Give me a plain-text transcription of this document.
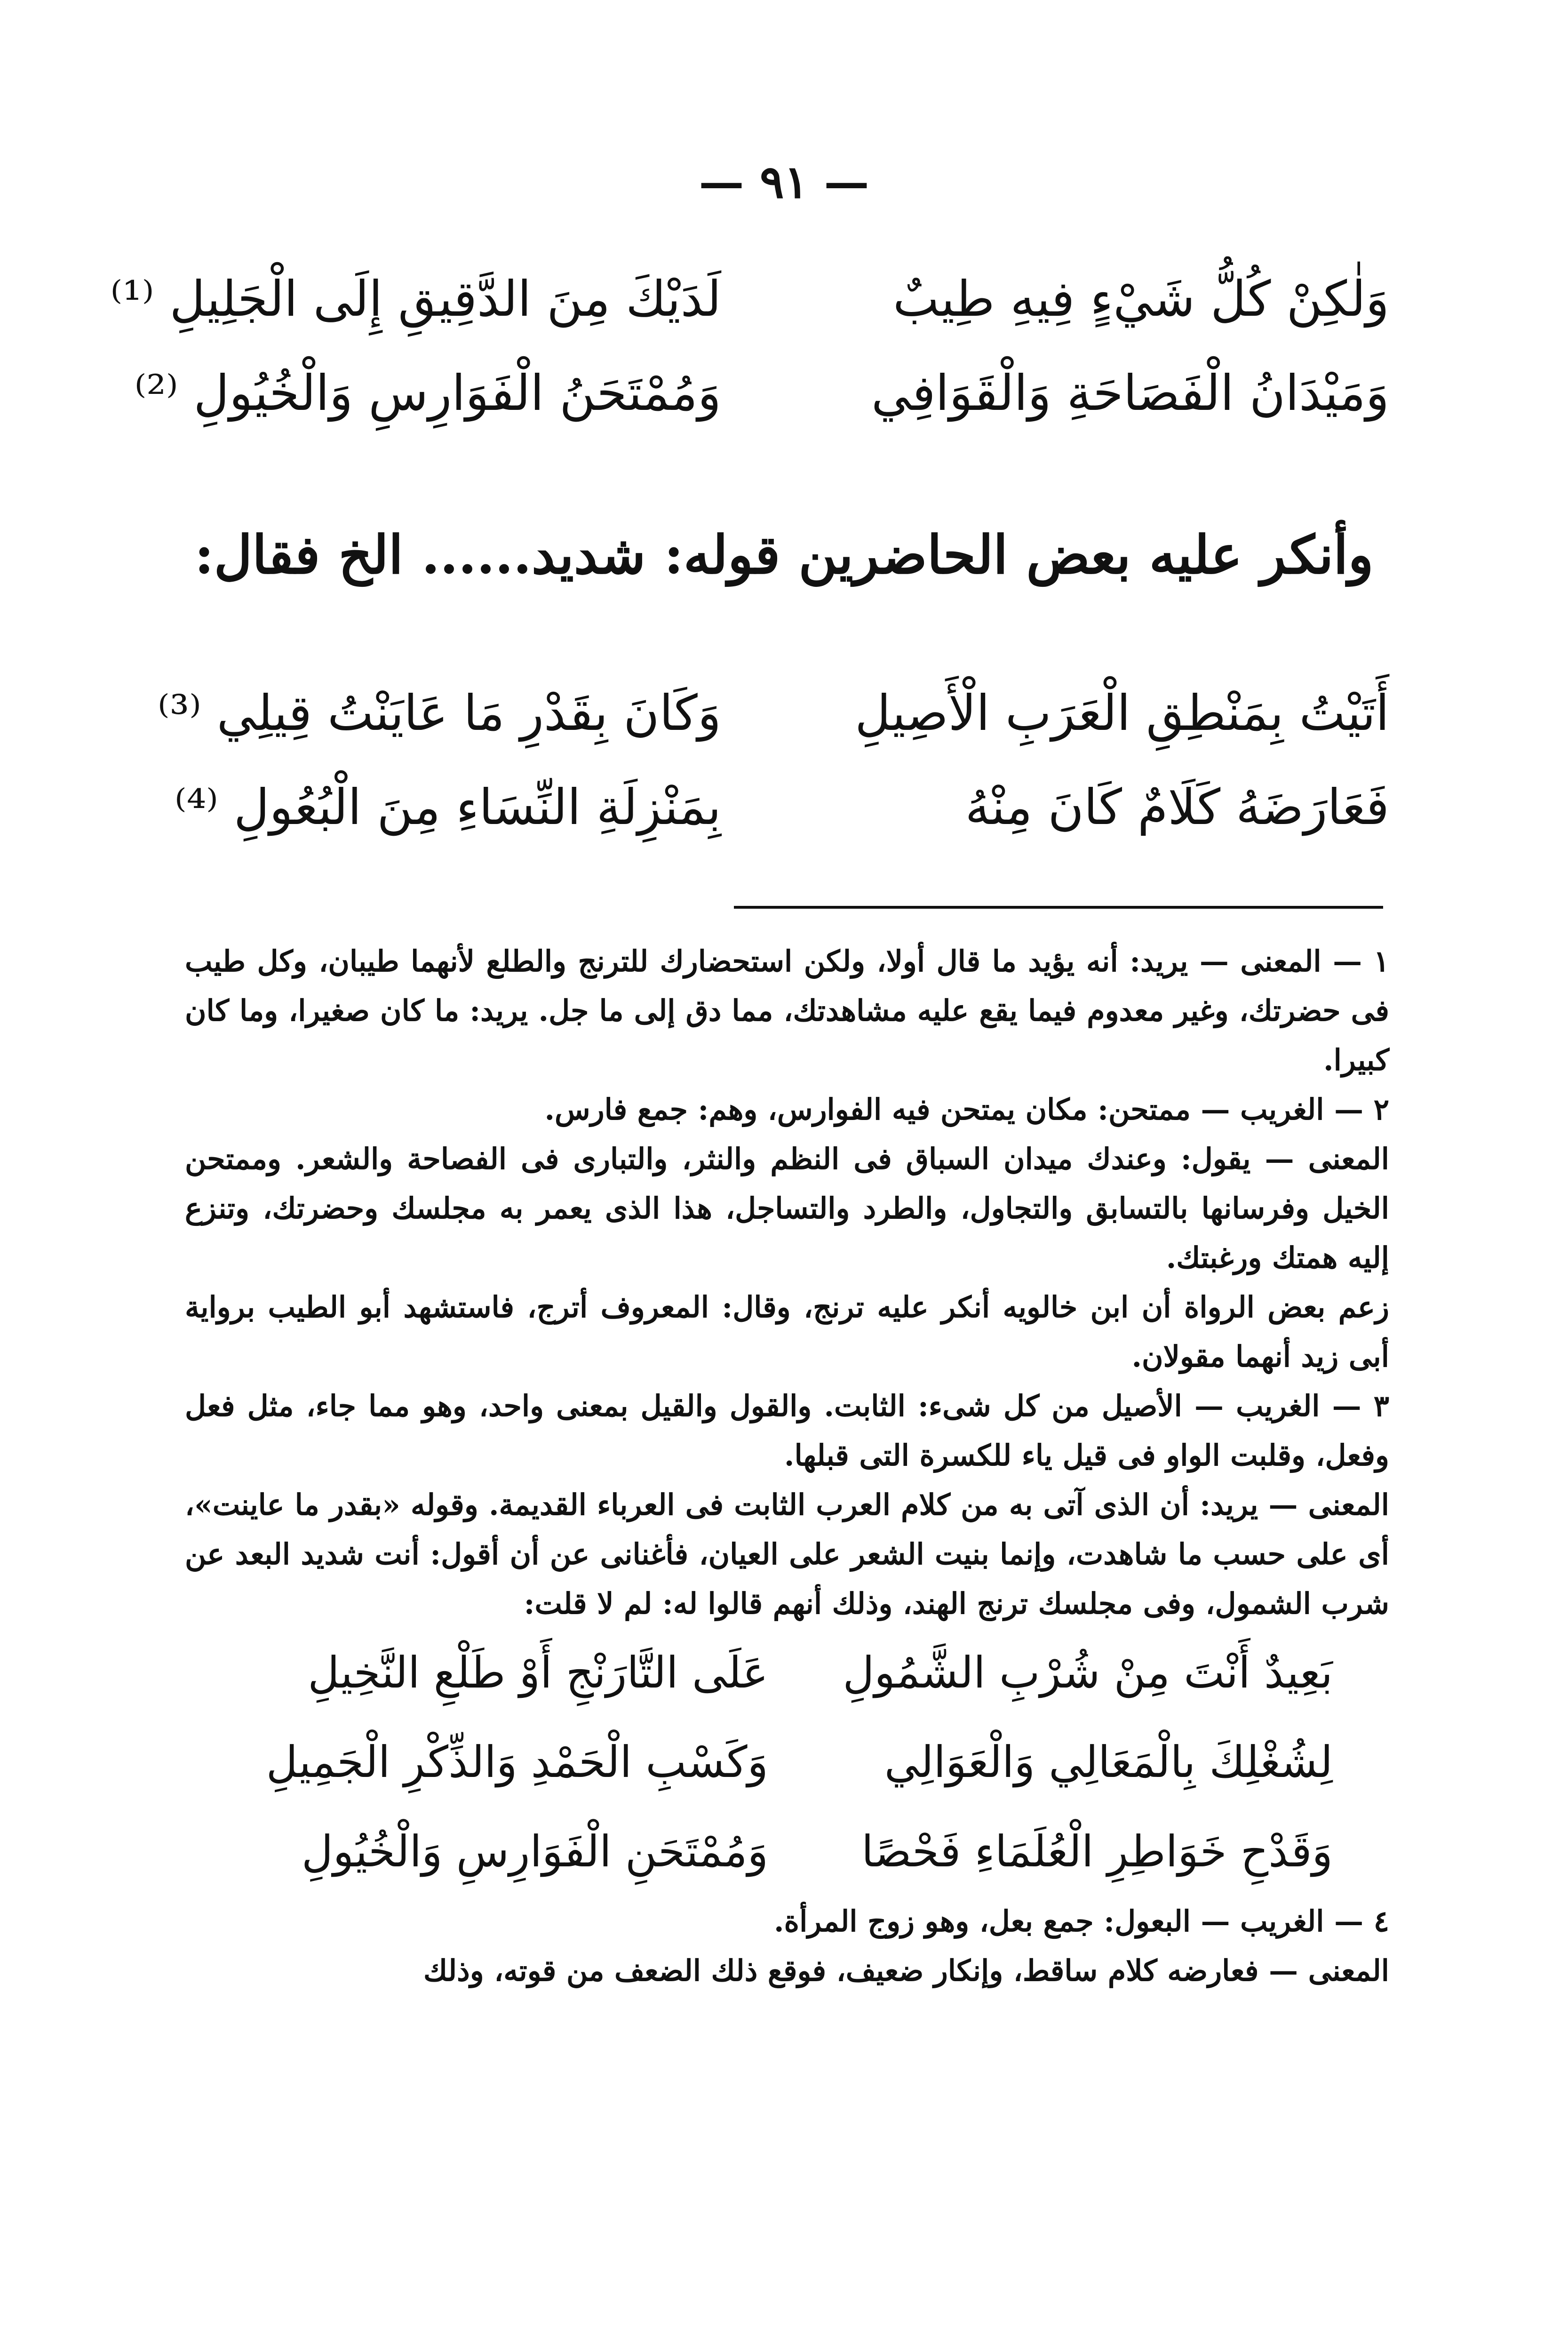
— ٩١ —
وَلٰكِنْ كُلُّ شَيْءٍ فِيهِ طِيبٌ
لَدَيْكَ مِنَ الدَّقِيقِ إِلَى الْجَلِيلِ ⁽¹⁾
وَمَيْدَانُ الْفَصَاحَةِ وَالْقَوَافِي
وَمُمْتَحَنُ الْفَوَارِسِ وَالْخُيُولِ ⁽²⁾
وأنكر عليه بعض الحاضرين قوله: شديد...... الخ فقال:
أَتَيْتُ بِمَنْطِقِ الْعَرَبِ الْأَصِيلِ
وَكَانَ بِقَدْرِ مَا عَايَنْتُ قِيلِي ⁽³⁾
فَعَارَضَهُ كَلَامٌ كَانَ مِنْهُ
بِمَنْزِلَةِ النِّسَاءِ مِنَ الْبُعُولِ ⁽⁴⁾

١ — المعنى — يريد: أنه يؤيد ما قال أولا، ولكن استحضارك للترنج والطلع لأنهما طيبان، وكل طيب فى حضرتك، وغير معدوم فيما يقع عليه مشاهدتك، مما دق إلى ما جل. يريد: ما كان صغيرا، وما كان كبيرا.

٢ — الغريب — ممتحن: مكان يمتحن فيه الفوارس، وهم: جمع فارس.

المعنى — يقول: وعندك ميدان السباق فى النظم والنثر، والتبارى فى الفصاحة والشعر. وممتحن الخيل وفرسانها بالتسابق والتجاول، والطرد والتساجل، هذا الذى يعمر به مجلسك وحضرتك، وتنزع إليه همتك ورغبتك.

زعم بعض الرواة أن ابن خالويه أنكر عليه ترنج، وقال: المعروف أترج، فاستشهد أبو الطيب برواية أبى زيد أنهما مقولان.

٣ — الغريب — الأصيل من كل شىء: الثابت. والقول والقيل بمعنى واحد، وهو مما جاء، مثل فعل وفعل، وقلبت الواو فى قيل ياء للكسرة التى قبلها.

المعنى — يريد: أن الذى آتى به من كلام العرب الثابت فى العرباء القديمة. وقوله «بقدر ما عاينت»، أى على حسب ما شاهدت، وإنما بنيت الشعر على العيان، فأغنانى عن أن أقول: أنت شديد البعد عن شرب الشمول، وفى مجلسك ترنج الهند، وذلك أنهم قالوا له: لم لا قلت:

بَعِيدٌ أَنْتَ مِنْ شُرْبِ الشَّمُولِ
عَلَى التَّارَنْجِ أَوْ طَلْعِ النَّخِيلِ
لِشُغْلِكَ بِالْمَعَالِي وَالْعَوَالِي
وَكَسْبِ الْحَمْدِ وَالذِّكْرِ الْجَمِيلِ
وَقَدْحِ خَوَاطِرِ الْعُلَمَاءِ فَحْصًا
وَمُمْتَحَنِ الْفَوَارِسِ وَالْخُيُولِ

٤ — الغريب — البعول: جمع بعل، وهو زوج المرأة.

المعنى — فعارضه كلام ساقط، وإنكار ضعيف، فوقع ذلك الضعف من قوته، وذلك
